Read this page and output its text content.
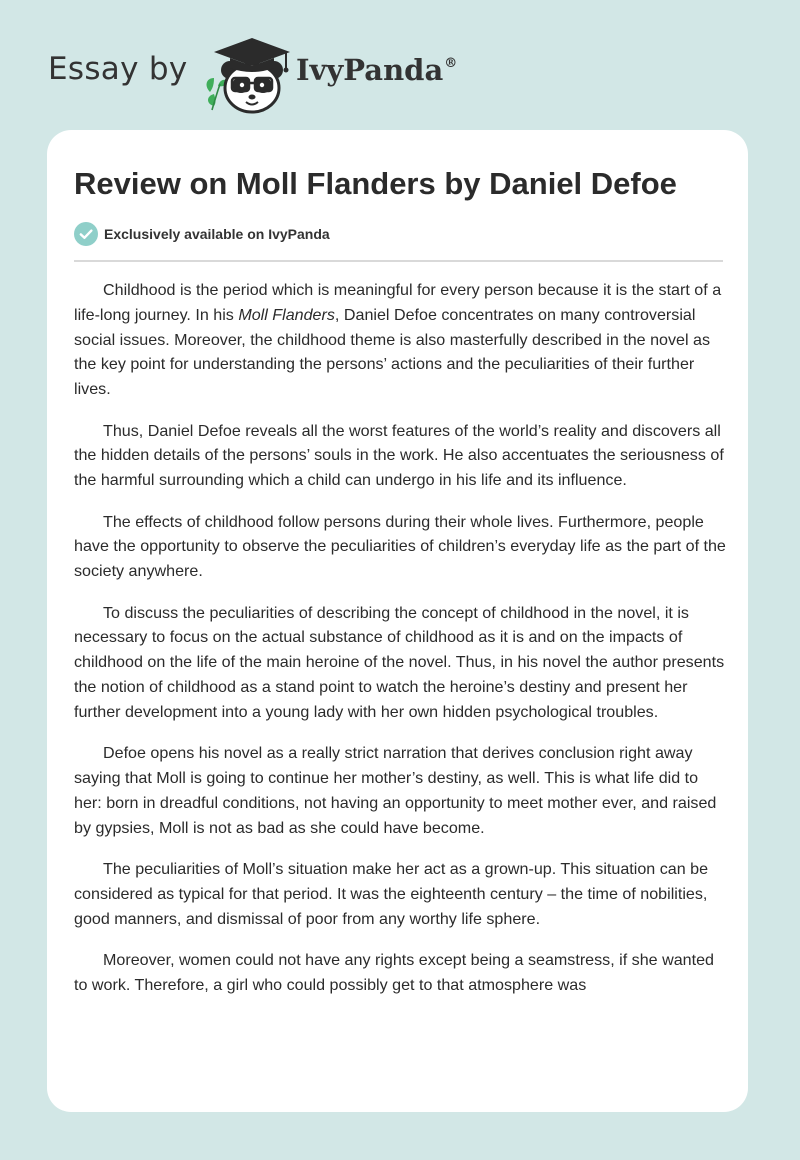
Essay by	IvyPanda®
Review on Moll Flanders by Daniel Defoe
Exclusively available on IvyPanda

Childhood is the period which is meaningful for every person because it is the start of a life-long journey. In his Moll Flanders, Daniel Defoe concentrates on many controversial social issues. Moreover, the childhood theme is also masterfully described in the novel as the key point for understanding the persons’ actions and the peculiarities of their further lives.

Thus, Daniel Defoe reveals all the worst features of the world’s reality and discovers all the hidden details of the persons’ souls in the work. He also accentuates the seriousness of the harmful surrounding which a child can undergo in his life and its influence.

The effects of childhood follow persons during their whole lives. Furthermore, people have the opportunity to observe the peculiarities of children’s everyday life as the part of the society anywhere.

To discuss the peculiarities of describing the concept of childhood in the novel, it is necessary to focus on the actual substance of childhood as it is and on the impacts of childhood on the life of the main heroine of the novel. Thus, in his novel the author presents the notion of childhood as a stand point to watch the heroine’s destiny and present her further development into a young lady with her own hidden psychological troubles.

Defoe opens his novel as a really strict narration that derives conclusion right away saying that Moll is going to continue her mother’s destiny, as well. This is what life did to her: born in dreadful conditions, not having an opportunity to meet mother ever, and raised by gypsies, Moll is not as bad as she could have become.

The peculiarities of Moll’s situation make her act as a grown-up. This situation can be considered as typical for that period. It was the eighteenth century – the time of nobilities, good manners, and dismissal of poor from any worthy life sphere.

Moreover, women could not have any rights except being a seamstress, if she wanted to work. Therefore, a girl who could possibly get to that atmosphere was
